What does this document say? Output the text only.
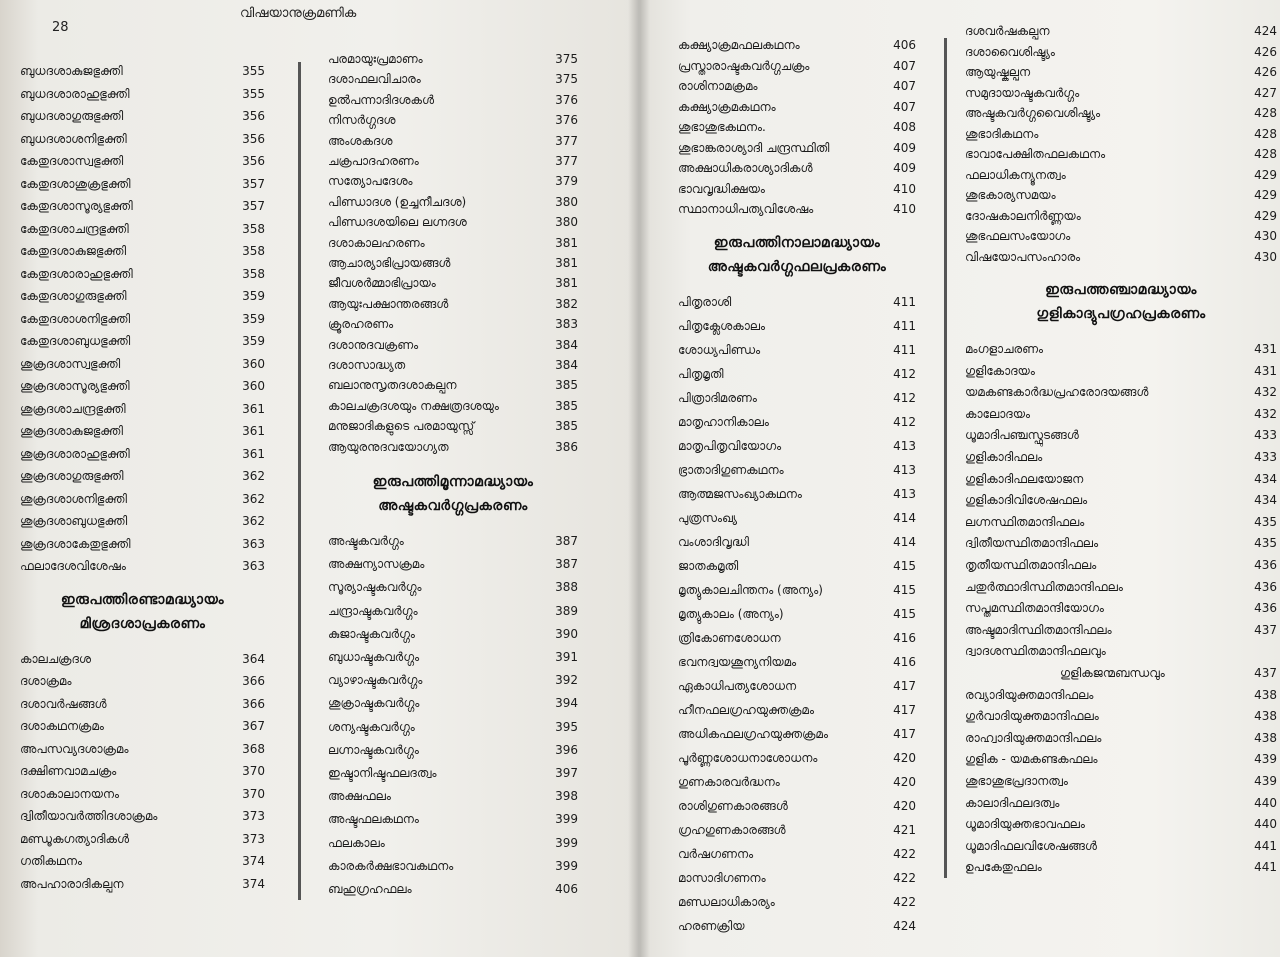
28
വിഷയാനുക്രമണിക
ബുധദശാകുജഭുക്തി	355
ബുധദശാരാഹുഭുക്തി	355
ബുധദശാഗുരുഭുക്തി	356
ബുധദശാശനിഭുക്തി	356
കേതുദശാസ്വഭുക്തി	356
കേതുദശാശുക്രഭുക്തി	357
കേതുദശാസൂര്യഭുക്തി	357
കേതുദശാചന്ദ്രഭുക്തി	358
കേതുദശാകുജഭുക്തി	358
കേതുദശാരാഹുഭുക്തി	358
കേതുദശാഗുരുഭുക്തി	359
കേതുദശാശനിഭുക്തി	359
കേതുദശാബുധഭുക്തി	359
ശുക്രദശാസ്വഭുക്തി	360
ശുക്രദശാസൂര്യഭുക്തി	360
ശുക്രദശാചന്ദ്രഭുക്തി	361
ശുക്രദശാകുജഭുക്തി	361
ശുക്രദശാരാഹുഭുക്തി	361
ശുക്രദശാഗുരുഭുക്തി	362
ശുക്രദശാശനിഭുക്തി	362
ശുക്രദശാബുധഭുക്തി	362
ശുക്രദശാകേതുഭുക്തി	363
ഫലാദേശവിശേഷം	363
ഇരുപത്തിരണ്ടാമദ്ധ്യായം
മിശ്രദശാപ്രകരണം
കാലചക്രദശ	364
ദശാക്രമം	366
ദശാവർഷങ്ങൾ	366
ദശാകഥനക്രമം	367
അപസവ്യദശാക്രമം	368
ദക്ഷിണവാമചക്രം	370
ദശാകാലാനയനം	370
ദ്വിതീയാവർത്തിദശാക്രമം	373
മണ്ഡൂകഗത്യാദികൾ	373
ഗതികഥനം	374
അപഹാരാദികല്പന	374
പരമായുഃപ്രമാണം	375
ദശാഫലവിചാരം	375
ഉൽപന്നാദിദശകൾ	376
നിസർഗ്ഗദശ	376
അംശകദശ	377
ചക്രപാദഹരണം	377
സത്യോപദേശം	379
പിണ്ഡാദശ (ഉച്ചനീചദശ)	380
പിണ്ഡദശയിലെ ലഗ്നദശ	380
ദശാകാലഹരണം	381
ആചാര്യാഭിപ്രായങ്ങൾ	381
ജീവശർമ്മാഭിപ്രായം	381
ആയുഃപക്ഷാന്തരങ്ങൾ	382
ക്രൂരഹരണം	383
ദശാനുദവക്രണം	384
ദശാസാദ്ധ്യത	384
ബലാനുസൃതദശാകല്പന	385
കാലചക്രദശയും നക്ഷത്രദശയും	385
മനുജാദികളുടെ പരമായുസ്സ്	385
ആയുരനുദവയോഗ്യത	386
ഇരുപത്തിമൂന്നാമദ്ധ്യായം
അഷ്ടകവർഗ്ഗപ്രകരണം
അഷ്ടകവർഗ്ഗം	387
അക്ഷന്യാസക്രമം	387
സൂര്യാഷ്ടകവർഗ്ഗം	388
ചന്ദ്രാഷ്ടകവർഗ്ഗം	389
കുജാഷ്ടകവർഗ്ഗം	390
ബുധാഷ്ടകവർഗ്ഗം	391
വ്യാഴാഷ്ടകവർഗ്ഗം	392
ശുക്രാഷ്ടകവർഗ്ഗം	394
ശന്യഷ്ടകവർഗ്ഗം	395
ലഗ്നാഷ്ടകവർഗ്ഗം	396
ഇഷ്ടാനിഷ്ടഫലദത്വം	397
അക്ഷഫലം	398
അഷ്ടഫലകഥനം	399
ഫലകാലം	399
കാരകർക്ഷഭാവകഥനം	399
ബഹുഗ്രഹഫലം	406
കക്ഷ്യാക്രമഫലകഥനം	406
പ്രസ്താരാഷ്ടകവർഗ്ഗചക്രം	407
രാശിനാമക്രമം	407
കക്ഷ്യാക്രമകഥനം	407
ശുഭാശുഭകഥനം.	408
ശുഭാങ്കരാശ്യാദി ചന്ദ്രസ്ഥിതി	409
അക്ഷാധികരാശ്യാദികൾ	409
ഭാവവൃദ്ധിക്ഷയം	410
സ്ഥാനാധിപത്യവിശേഷം	410
ഇരുപത്തിനാലാമദ്ധ്യായം
അഷ്ടകവർഗ്ഗഫലപ്രകരണം
പിതൃരാശി	411
പിതൃക്ലേശകാലം	411
ശോധ്യപിണ്ഡം	411
പിതൃമൃതി	412
പിത്രാദിമരണം	412
മാതൃഹാനികാലം	412
മാതൃപിതൃവിയോഗം	413
ഭ്രാതാദിഗുണകഥനം	413
ആത്മജസംഖ്യാകഥനം	413
പുത്രസംഖ്യ	414
വംശാദിവൃദ്ധി	414
ജാതകമൃതി	415
മൃത്യുകാലചിന്തനം (അന്യം)	415
മൃത്യുകാലം (അന്യം)	415
ത്രികോണശോധന	416
ഭവനദ്വയശൂന്യനിയമം	416
ഏകാധിപത്യശോധന	417
ഹീനഫലഗ്രഹയുക്തക്രമം	417
അധികഫലഗ്രഹയുക്തക്രമം	417
പൂർണ്ണശോധനാശോധനം	420
ഗുണകാരവർദ്ധനം	420
രാശിഗുണകാരങ്ങൾ	420
ഗ്രഹഗുണകാരങ്ങൾ	421
വർഷഗണനം	422
മാസാദിഗണനം	422
മണ്ഡലാധികാര്യം	422
ഹരണക്രിയ	424
ദശവർഷകല്പന	424
ദശാവൈശിഷ്ട്യം	426
ആയുഷ്കല്പന	426
സമുദായാഷ്ടകവർഗ്ഗം	427
അഷ്ടകവർഗ്ഗവൈശിഷ്ട്യം	428
ശുഭാദികഥനം	428
ഭാവാപേക്ഷിതഫലകഥനം	428
ഫലാധികന്യൂനത്വം	429
ശുഭകാര്യസമയം	429
ദോഷകാലനിർണ്ണയം	429
ശുഭഫലസംയോഗം	430
വിഷയോപസംഹാരം	430
ഇരുപത്തഞ്ചാമദ്ധ്യായം
ഗുളികാദ്യുപഗ്രഹപ്രകരണം
മംഗളാചരണം	431
ഗുളികോദയം	431
യമകണ്ടകാർദ്ധപ്രഹരോദയങ്ങൾ	432
കാലോദയം	432
ധൂമാദിപഞ്ചസ്ഫുടങ്ങൾ	433
ഗുളികാദിഫലം	433
ഗുളികാദിഫലയോജന	434
ഗുളികാദിവിശേഷഫലം	434
ലഗ്നസ്ഥിതമാന്ദിഫലം	435
ദ്വിതീയസ്ഥിതമാന്ദിഫലം	435
തൃതീയസ്ഥിതമാന്ദിഫലം	436
ചതുർത്ഥാദിസ്ഥിതമാന്ദിഫലം	436
സപ്തമസ്ഥിതമാന്ദിയോഗം	436
അഷ്ടമാദിസ്ഥിതമാന്ദിഫലം	437
ദ്വാദശസ്ഥിതമാന്ദിഫലവും
ഗുളികജന്മബന്ധവും	437
രവ്യാദിയുക്തമാന്ദിഫലം	438
ഗുർവാദിയുക്തമാന്ദിഫലം	438
രാഹ്വാദിയുക്തമാന്ദിഫലം	438
ഗുളിക - യമകണ്ടകഫലം	439
ശുഭാശുഭപ്രദാനത്വം	439
കാലാദിഫലദത്വം	440
ധൂമാദിയുക്തഭാവഫലം	440
ധൂമാദിഫലവിശേഷങ്ങൾ	441
ഉപകേതുഫലം	441
